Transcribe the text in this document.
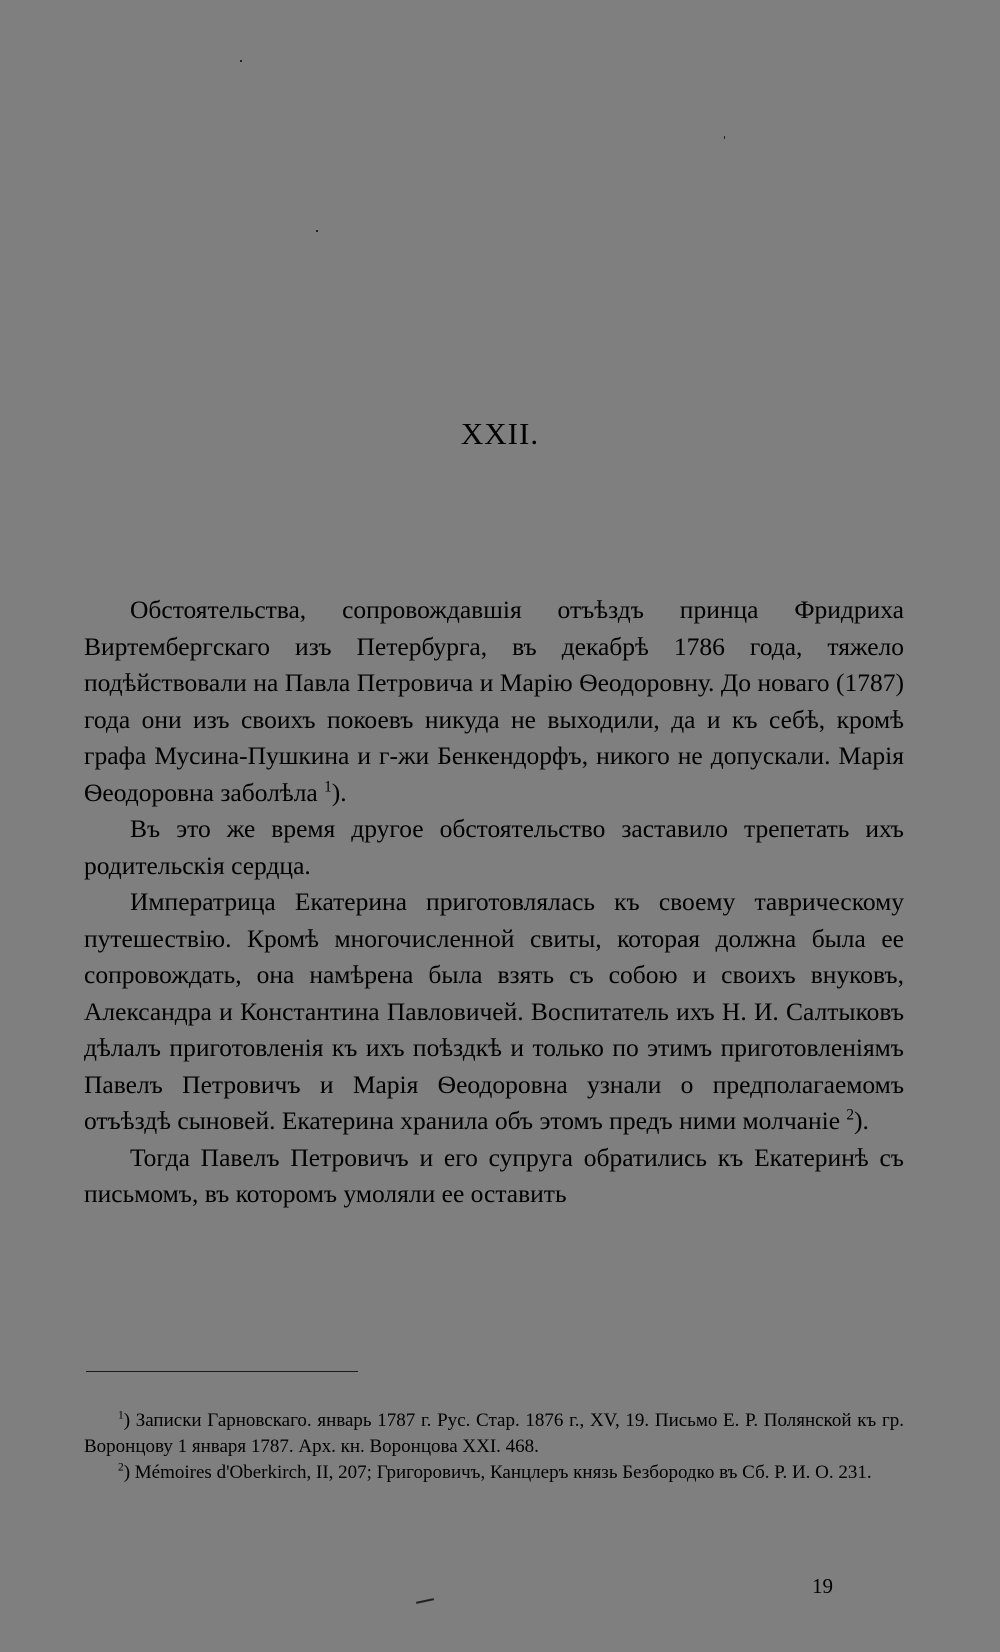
XXII.

Обстоятельства, сопровождавшія отъѣздъ принца Фридриха Виртембергскаго изъ Петербурга, въ декабрѣ 1786 года, тяжело подѣйствовали на Павла Петровича и Марію Ѳеодоровну. До новаго (1787) года они изъ своихъ покоевъ никуда не выходили, да и къ себѣ, кромѣ графа Мусина-Пушкина и г-жи Бенкендорфъ, никого не допускали. Марія Ѳеодоровна заболѣла $^1$).

Въ это же время другое обстоятельство заставило трепетать ихъ родительскія сердца.

Императрица Екатерина приготовлялась къ своему таврическому путешествію. Кромѣ многочисленной свиты, которая должна была ее сопровождать, она намѣрена была взять съ собою и своихъ внуковъ, Александра и Константина Павловичей. Воспитатель ихъ Н. И. Салтыковъ дѣлалъ приготовленія къ ихъ поѣздкѣ и только по этимъ приготовленіямъ Павелъ Петровичъ и Марія Ѳеодоровна узнали о предполагаемомъ отъѣздѣ сыновей. Екатерина хранила объ этомъ предъ ними молчаніе $^2$).

Тогда Павелъ Петровичъ и его супруга обратились къ Екатеринѣ съ письмомъ, въ которомъ умоляли ее оставить

$^1$) Записки Гарновскаго. январь 1787 г. Рус. Стар. 1876 г., XV, 19. Письмо Е. Р. Полянской къ гр. Воронцову 1 января 1787. Арх. кн. Воронцова XXI. 468.

$^2$) Mémoires d'Oberkirch, II, 207; Григоровичъ, Канцлеръ князь Безбородко въ Сб. Р. И. О. 231.

19
